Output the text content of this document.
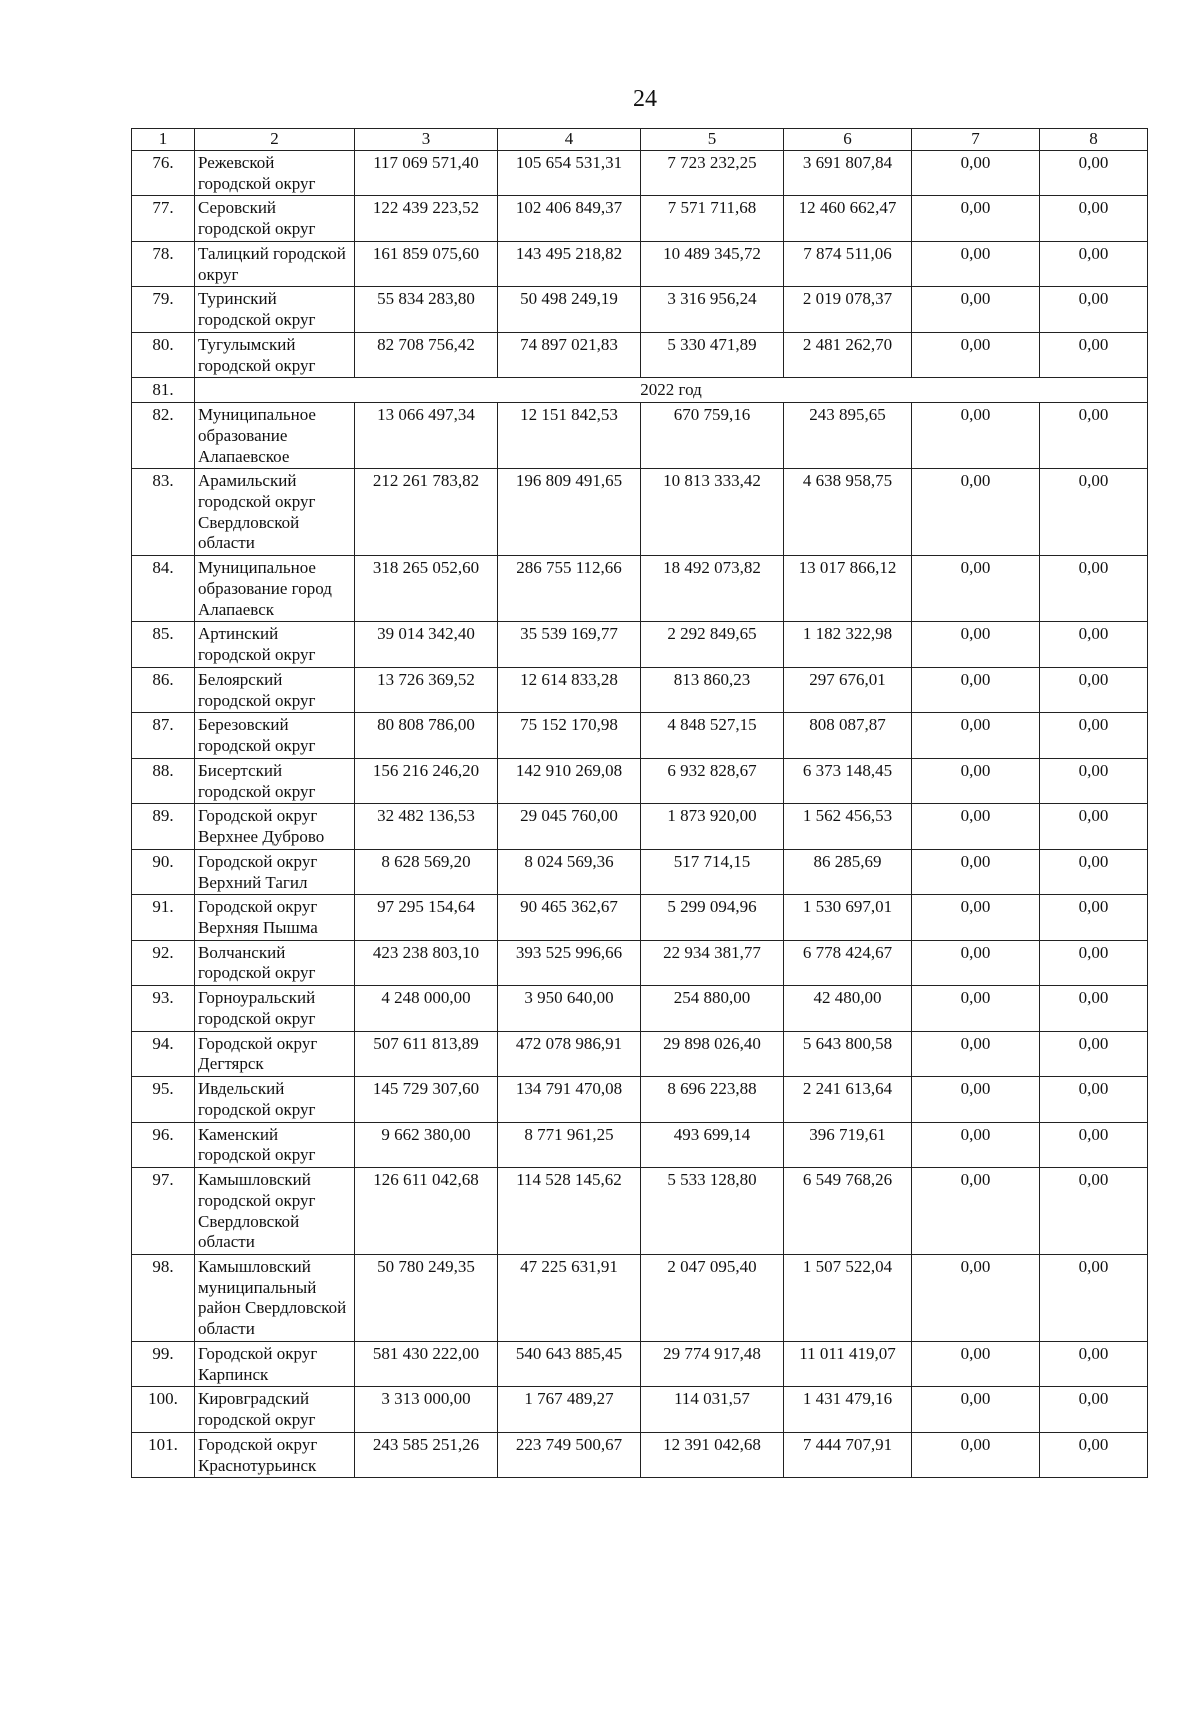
24
1	2	3	4	5	6	7	8
76.	Режевской городской округ	117 069 571,40	105 654 531,31	7 723 232,25	3 691 807,84	0,00	0,00
77.	Серовский городской округ	122 439 223,52	102 406 849,37	7 571 711,68	12 460 662,47	0,00	0,00
78.	Талицкий городской округ	161 859 075,60	143 495 218,82	10 489 345,72	7 874 511,06	0,00	0,00
79.	Туринский городской округ	55 834 283,80	50 498 249,19	3 316 956,24	2 019 078,37	0,00	0,00
80.	Тугулымский городской округ	82 708 756,42	74 897 021,83	5 330 471,89	2 481 262,70	0,00	0,00
81.	2022 год						
82.	Муниципальное образование Алапаевское	13 066 497,34	12 151 842,53	670 759,16	243 895,65	0,00	0,00
83.	Арамильский городской округ Свердловской области	212 261 783,82	196 809 491,65	10 813 333,42	4 638 958,75	0,00	0,00
84.	Муниципальное образование город Алапаевск	318 265 052,60	286 755 112,66	18 492 073,82	13 017 866,12	0,00	0,00
85.	Артинский городской округ	39 014 342,40	35 539 169,77	2 292 849,65	1 182 322,98	0,00	0,00
86.	Белоярский городской округ	13 726 369,52	12 614 833,28	813 860,23	297 676,01	0,00	0,00
87.	Березовский городской округ	80 808 786,00	75 152 170,98	4 848 527,15	808 087,87	0,00	0,00
88.	Бисертский городской округ	156 216 246,20	142 910 269,08	6 932 828,67	6 373 148,45	0,00	0,00
89.	Городской округ Верхнее Дуброво	32 482 136,53	29 045 760,00	1 873 920,00	1 562 456,53	0,00	0,00
90.	Городской округ Верхний Тагил	8 628 569,20	8 024 569,36	517 714,15	86 285,69	0,00	0,00
91.	Городской округ Верхняя Пышма	97 295 154,64	90 465 362,67	5 299 094,96	1 530 697,01	0,00	0,00
92.	Волчанский городской округ	423 238 803,10	393 525 996,66	22 934 381,77	6 778 424,67	0,00	0,00
93.	Горноуральский городской округ	4 248 000,00	3 950 640,00	254 880,00	42 480,00	0,00	0,00
94.	Городской округ Дегтярск	507 611 813,89	472 078 986,91	29 898 026,40	5 643 800,58	0,00	0,00
95.	Ивдельский городской округ	145 729 307,60	134 791 470,08	8 696 223,88	2 241 613,64	0,00	0,00
96.	Каменский городской округ	9 662 380,00	8 771 961,25	493 699,14	396 719,61	0,00	0,00
97.	Камышловский городской округ Свердловской области	126 611 042,68	114 528 145,62	5 533 128,80	6 549 768,26	0,00	0,00
98.	Камышловский муниципальный район Свердловской области	50 780 249,35	47 225 631,91	2 047 095,40	1 507 522,04	0,00	0,00
99.	Городской округ Карпинск	581 430 222,00	540 643 885,45	29 774 917,48	11 011 419,07	0,00	0,00
100.	Кировградский городской округ	3 313 000,00	1 767 489,27	114 031,57	1 431 479,16	0,00	0,00
101.	Городской округ Краснотурьинск	243 585 251,26	223 749 500,67	12 391 042,68	7 444 707,91	0,00	0,00
